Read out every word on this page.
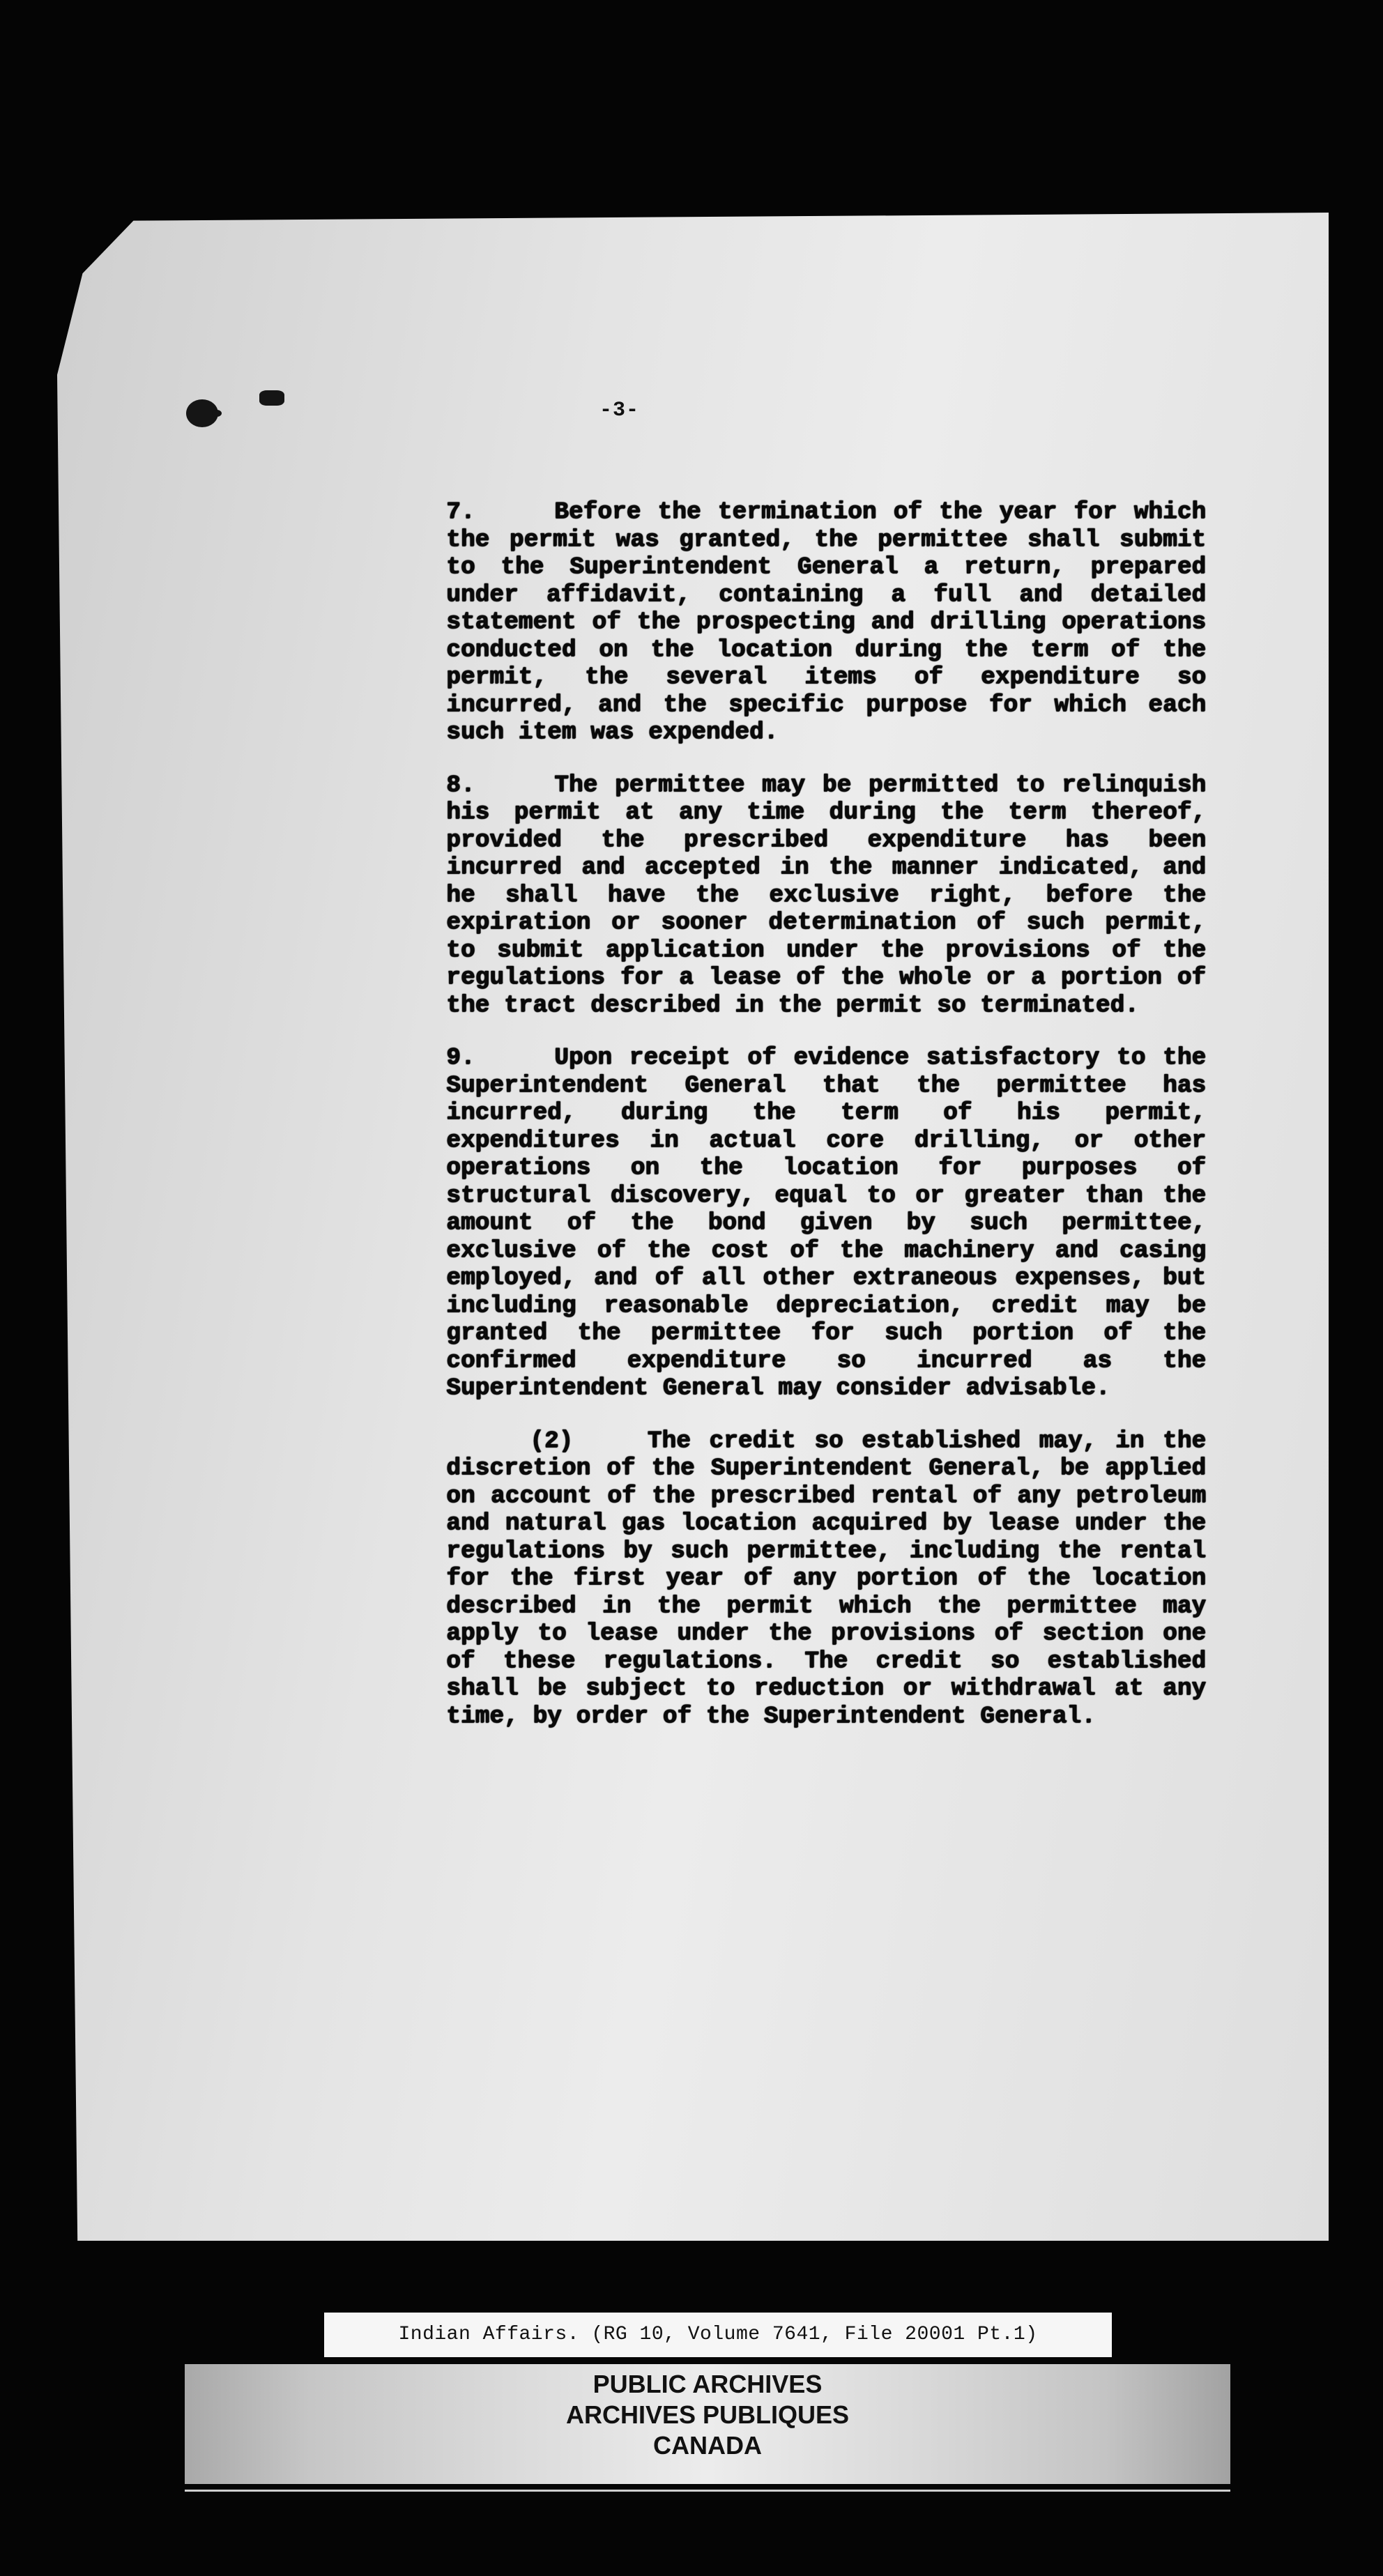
-3-

7.	Before the termination of the year for which the permit was granted, the permittee shall submit to the Superintendent General a return, prepared under affidavit, containing a full and detailed statement of the prospecting and drilling operations conducted on the location during the term of the permit, the several items of expenditure so incurred, and the specific purpose for which each such item was expended.

8.	The permittee may be permitted to relinquish his permit at any time during the term thereof, provided the prescribed expenditure has been incurred and accepted in the manner indicated, and he shall have the exclusive right, before the expiration or sooner determination of such permit, to submit application under the provisions of the regulations for a lease of the whole or a portion of the tract described in the permit so terminated.

9.	Upon receipt of evidence satisfactory to the Superintendent General that the permittee has incurred, during the term of his permit, expenditures in actual core drilling, or other operations on the location for purposes of structural discovery, equal to or greater than the amount of the bond given by such permittee, exclusive of the cost of the machinery and casing employed, and of all other extraneous expenses, but including reasonable depreciation, credit may be granted the permittee for such portion of the confirmed expenditure so incurred as the Superintendent General may consider advisable.

(2)	The credit so established may, in the discretion of the Superintendent General, be applied on account of the prescribed rental of any petroleum and natural gas location acquired by lease under the regulations by such permittee, including the rental for the first year of any portion of the location described in the permit which the permittee may apply to lease under the provisions of section one of these regulations. The credit so established shall be subject to reduction or withdrawal at any time, by order of the Superintendent General.

Indian Affairs. (RG 10, Volume 7641, File 20001 Pt.1)
PUBLIC ARCHIVES
ARCHIVES PUBLIQUES
CANADA
